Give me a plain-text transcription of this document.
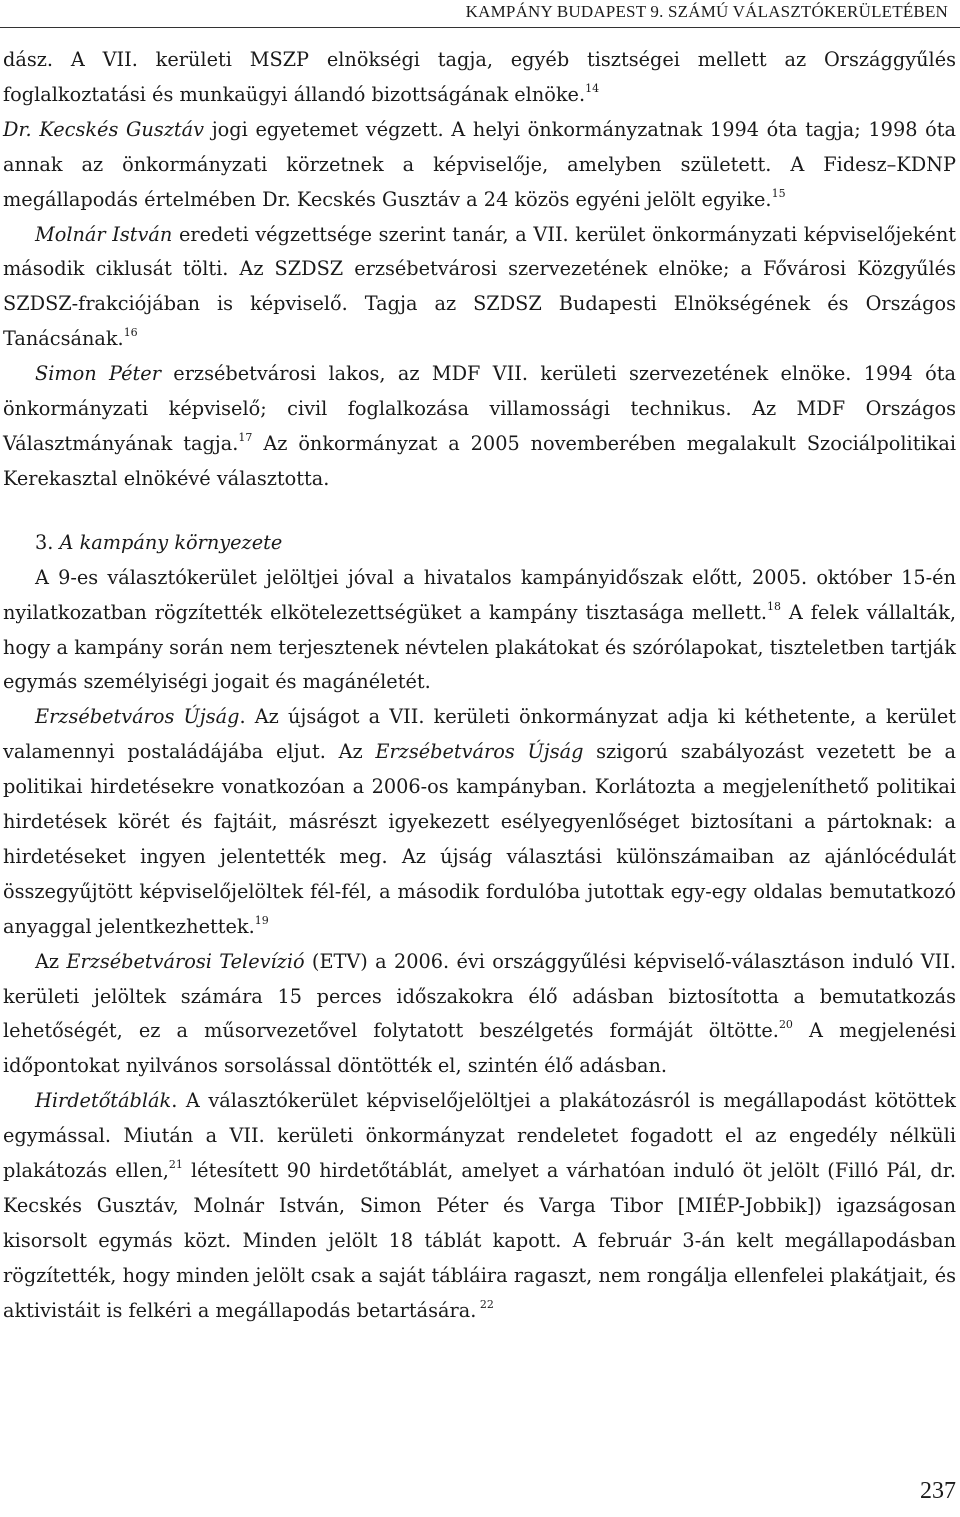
KAMPÁNY BUDAPEST 9. SZÁMÚ VÁLASZTÓKERÜLETÉBEN

dász. A VII. kerületi MSZP elnökségi tagja, egyéb tisztségei mellett az Országgyűlés foglalkoztatási és munkaügyi állandó bizottságának elnöke.$^{14}$

Dr. Kecskés Gusztáv jogi egyetemet végzett. A helyi önkormányzatnak 1994 óta tagja; 1998 óta annak az önkormányzati körzetnek a képviselője, amelyben született. A Fidesz–KDNP megállapodás értelmében Dr. Kecskés Gusztáv a 24 közös egyéni jelölt egyike.$^{15}$

Molnár István eredeti végzettsége szerint tanár, a VII. kerület önkormányzati képviselőjeként második ciklusát tölti. Az SZDSZ erzsébetvárosi szervezetének elnöke; a Fővárosi Közgyűlés SZDSZ-frakciójában is képviselő. Tagja az SZDSZ Budapesti Elnökségének és Országos Tanácsának.$^{16}$

Simon Péter erzsébetvárosi lakos, az MDF VII. kerületi szervezetének elnöke. 1994 óta önkormányzati képviselő; civil foglalkozása villamossági technikus. Az MDF Országos Választmányának tagja.$^{17}$ Az önkormányzat a 2005 novemberében megalakult Szociálpolitikai Kerekasztal elnökévé választotta.

3. A kampány környezete

A 9-es választókerület jelöltjei jóval a hivatalos kampányidőszak előtt, 2005. október 15-én nyilatkozatban rögzítették elkötelezettségüket a kampány tisztasága mellett.$^{18}$ A felek vállalták, hogy a kampány során nem terjesztenek névtelen plakátokat és szórólapokat, tiszteletben tartják egymás személyiségi jogait és magánéletét.

Erzsébetváros Újság. Az újságot a VII. kerületi önkormányzat adja ki kéthetente, a kerület valamennyi postaládájába eljut. Az Erzsébetváros Újság szigorú szabályozást vezetett be a politikai hirdetésekre vonatkozóan a 2006-os kampányban. Korlátozta a megjeleníthető politikai hirdetések körét és fajtáit, másrészt igyekezett esélyegyenlőséget biztosítani a pártoknak: a hirdetéseket ingyen jelentették meg. Az újság választási különszámaiban az ajánlócédulát összegyűjtött képviselőjelöltek fél-fél, a második fordulóba jutottak egy-egy oldalas bemutatkozó anyaggal jelentkezhettek.$^{19}$

Az Erzsébetvárosi Televízió (ETV) a 2006. évi országgyűlési képviselő-választáson induló VII. kerületi jelöltek számára 15 perces időszakokra élő adásban biztosította a bemutatkozás lehetőségét, ez a műsorvezetővel folytatott beszélgetés formáját öltötte.$^{20}$ A megjelenési időpontokat nyilvános sorsolással döntötték el, szintén élő adásban.

Hirdetőtáblák. A választókerület képviselőjelöltjei a plakátozásról is megállapodást kötöttek egymással. Miután a VII. kerületi önkormányzat rendeletet fogadott el az engedély nélküli plakátozás ellen,$^{21}$ létesített 90 hirdetőtáblát, amelyet a várhatóan induló öt jelölt (Filló Pál, dr. Kecskés Gusztáv, Molnár István, Simon Péter és Varga Tibor [MIÉP-Jobbik]) igazságosan kisorsolt egymás közt. Minden jelölt 18 táblát kapott. A február 3-án kelt megállapodásban rögzítették, hogy minden jelölt csak a saját tábláira ragaszt, nem rongálja ellenfelei plakátjait, és aktivistáit is felkéri a megállapodás betartására. $^{22}$

237
